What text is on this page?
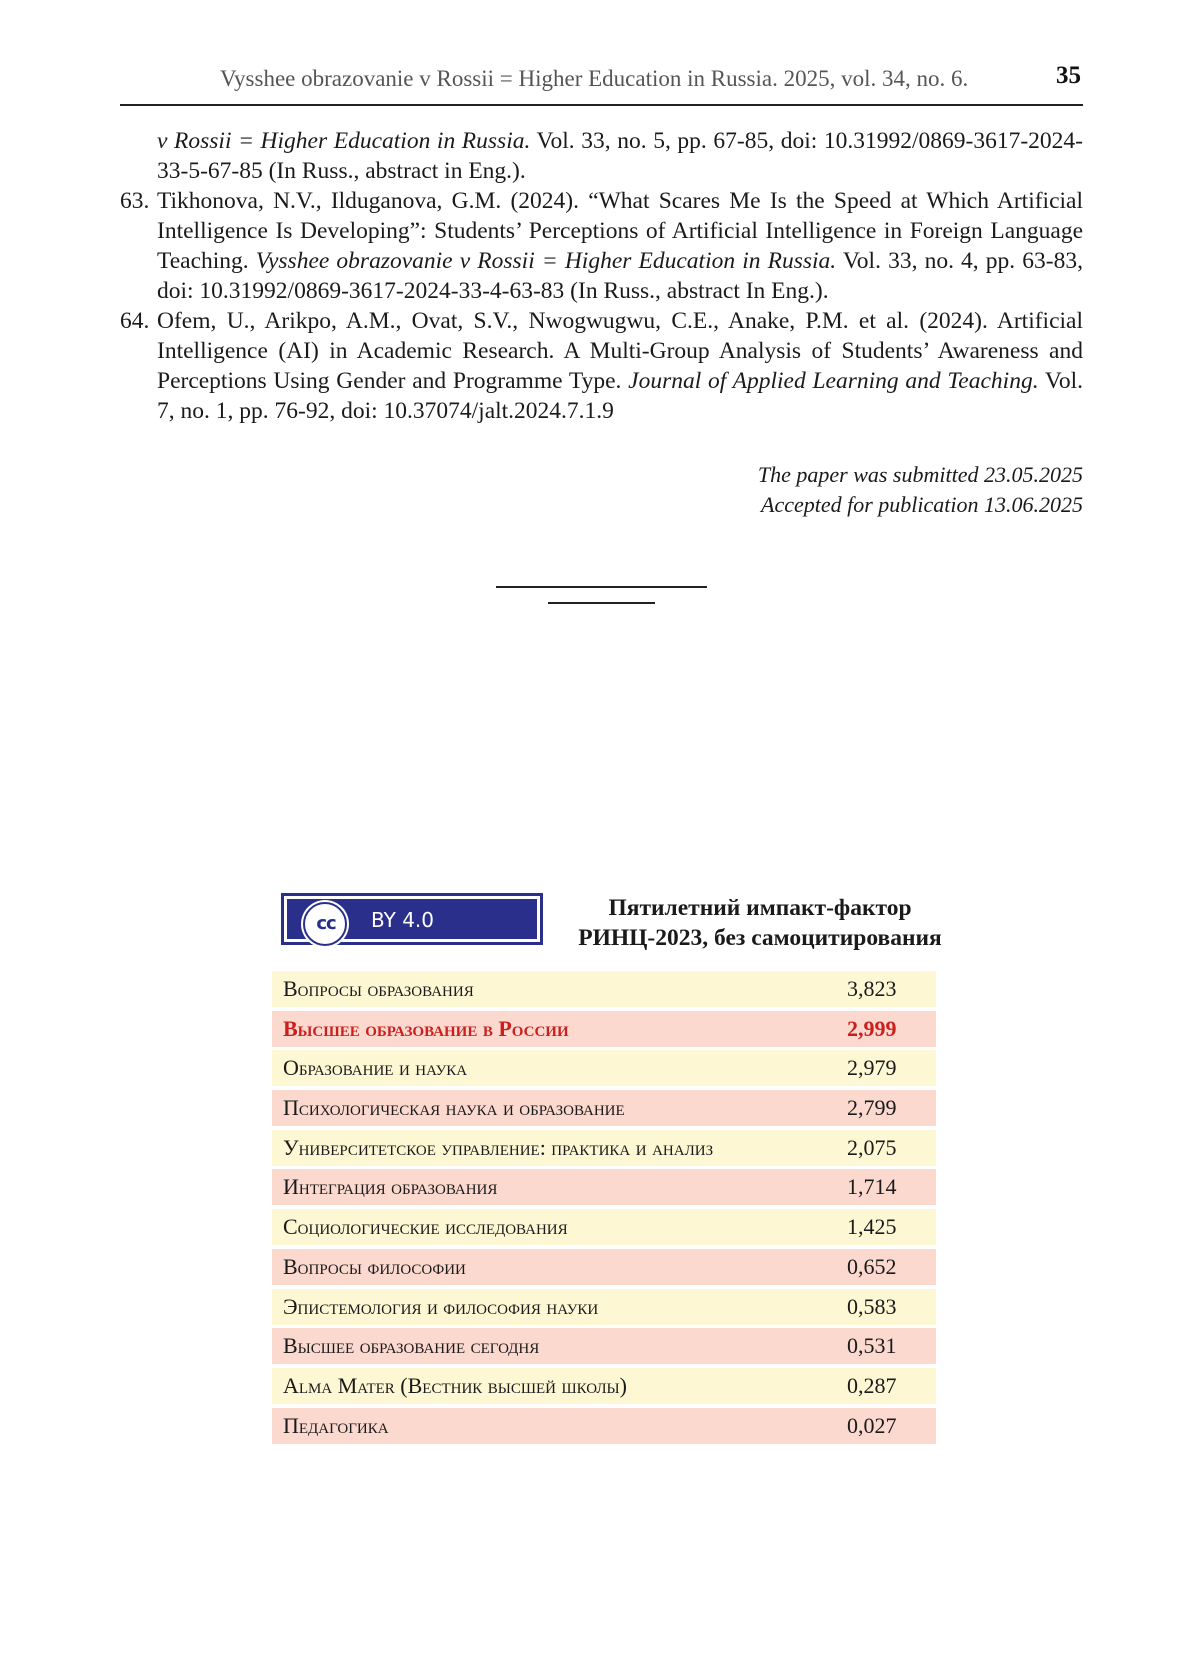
Vysshee obrazovanie v Rossii = Higher Education in Russia. 2025, vol. 34, no. 6.	35
v Rossii = Higher Education in Russia. Vol. 33, no. 5, pp. 67-85, doi: 10.31992/0869-3617-2024-33-5-67-85 (In Russ., abstract in Eng.).
63. Tikhonova, N.V., Ilduganova, G.M. (2024). “What Scares Me Is the Speed at Which Artificial Intelligence Is Developing”: Students’ Perceptions of Artificial Intelligence in Foreign Language Teaching. Vysshee obrazovanie v Rossii = Higher Education in Russia. Vol. 33, no. 4, pp. 63-83, doi: 10.31992/0869-3617-2024-33-4-63-83 (In Russ., abstract In Eng.).
64. Ofem, U., Arikpo, A.M., Ovat, S.V., Nwogwugwu, C.E., Anake, P.M. et al. (2024). Artificial Intelligence (AI) in Academic Research. A Multi-Group Analysis of Students’ Awareness and Perceptions Using Gender and Programme Type. Journal of Applied Learning and Teaching. Vol. 7, no. 1, pp. 76-92, doi: 10.37074/jalt.2024.7.1.9
The paper was submitted 23.05.2025
Accepted for publication 13.06.2025
cc	BY 4.0	Пятилетний импакт-фактор
РИНЦ-2023, без самоцитирования
Вопросы образования	3,823
Высшее образование в России	2,999
Образование и наука	2,979
Психологическая наука и образование	2,799
Университетское управление: практика и анализ	2,075
Интеграция образования	1,714
Социологические исследования	1,425
Вопросы философии	0,652
Эпистемология и философия науки	0,583
Высшее образование сегодня	0,531
Alma Mater (Вестник высшей школы)	0,287
Педагогика	0,027
